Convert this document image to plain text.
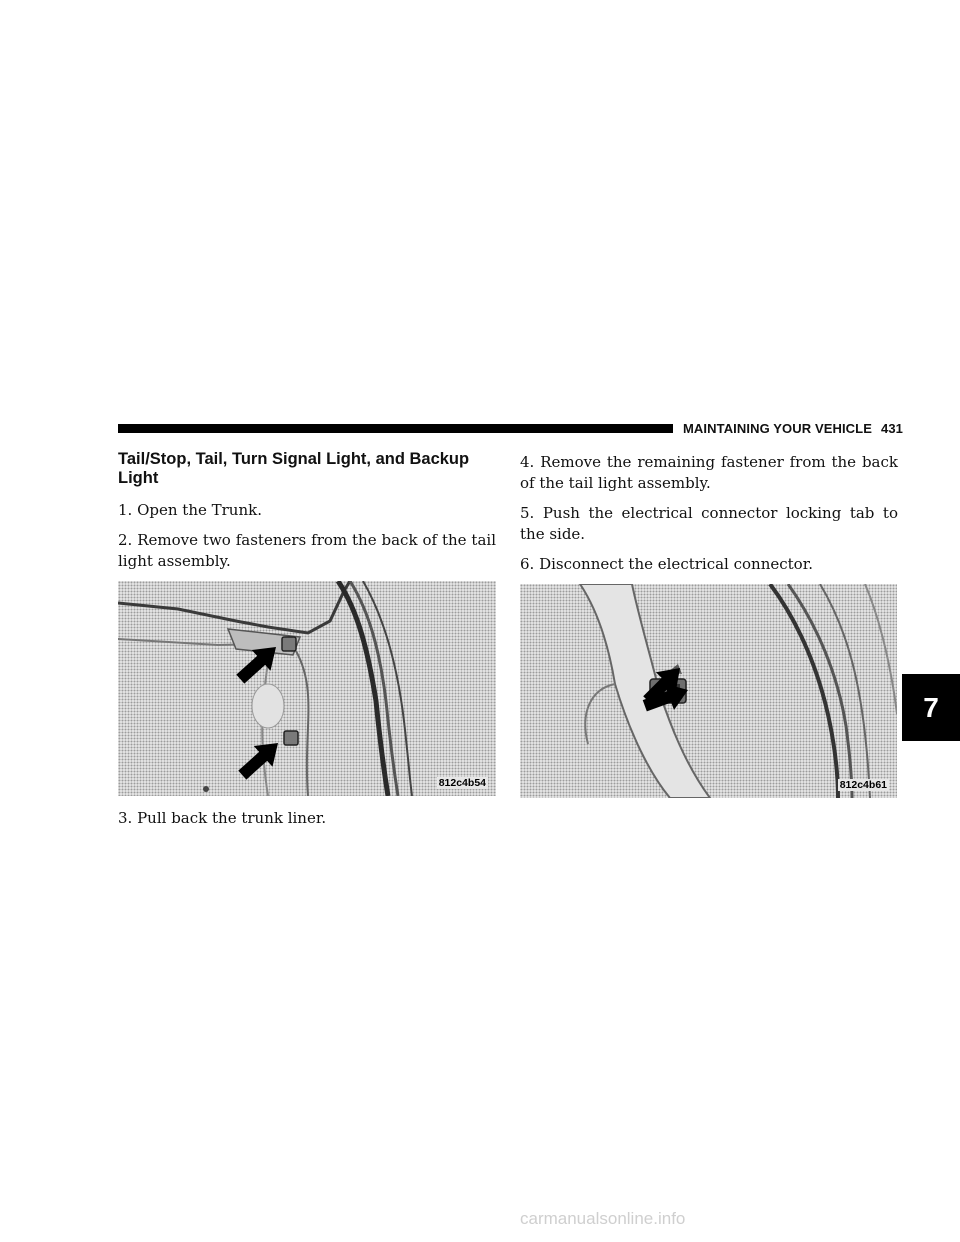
MAINTAINING YOUR VEHICLE 431
Tail/Stop, Tail, Turn Signal Light, and Backup Light

1. Open the Trunk.

2. Remove two fasteners from the back of the tail light assembly.

812c4b54

3. Pull back the trunk liner.

4. Remove the remaining fastener from the back of the tail light assembly.

5. Push the electrical connector locking tab to the side.

6. Disconnect the electrical connector.

812c4b61
7
carmanualsonline.info
